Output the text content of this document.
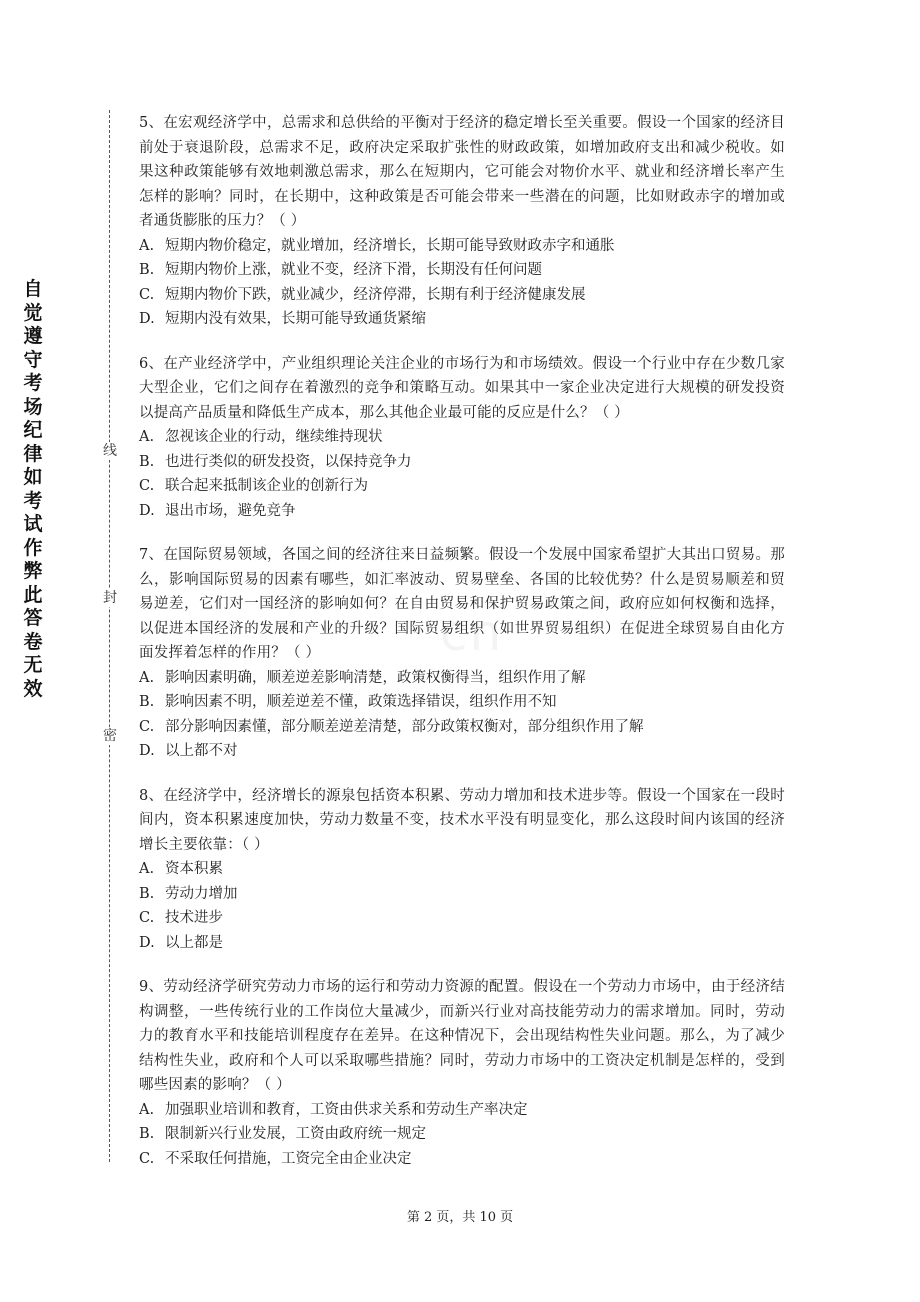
自
觉
遵
守
考
场
纪
律
如
考
试
作
弊
此
答
卷
无
效
线
封
密
cn

5、在宏观经济学中，总需求和总供给的平衡对于经济的稳定增长至关重要。假设一个国家的经济目前处于衰退阶段，总需求不足，政府决定采取扩张性的财政政策，如增加政府支出和减少税收。如果这种政策能够有效地刺激总需求，那么在短期内，它可能会对物价水平、就业和经济增长率产生怎样的影响？同时，在长期中，这种政策是否可能会带来一些潜在的问题，比如财政赤字的增加或者通货膨胀的压力？（ ）

A. 短期内物价稳定，就业增加，经济增长，长期可能导致财政赤字和通胀
B. 短期内物价上涨，就业不变，经济下滑，长期没有任何问题
C. 短期内物价下跌，就业减少，经济停滞，长期有利于经济健康发展
D. 短期内没有效果，长期可能导致通货紧缩

6、在产业经济学中，产业组织理论关注企业的市场行为和市场绩效。假设一个行业中存在少数几家大型企业，它们之间存在着激烈的竞争和策略互动。如果其中一家企业决定进行大规模的研发投资以提高产品质量和降低生产成本，那么其他企业最可能的反应是什么？（ ）

A. 忽视该企业的行动，继续维持现状
B. 也进行类似的研发投资，以保持竞争力
C. 联合起来抵制该企业的创新行为
D. 退出市场，避免竞争

7、在国际贸易领域，各国之间的经济往来日益频繁。假设一个发展中国家希望扩大其出口贸易。那么，影响国际贸易的因素有哪些，如汇率波动、贸易壁垒、各国的比较优势？什么是贸易顺差和贸易逆差，它们对一国经济的影响如何？在自由贸易和保护贸易政策之间，政府应如何权衡和选择，以促进本国经济的发展和产业的升级？国际贸易组织（如世界贸易组织）在促进全球贸易自由化方面发挥着怎样的作用？（ ）

A. 影响因素明确，顺差逆差影响清楚，政策权衡得当，组织作用了解
B. 影响因素不明，顺差逆差不懂，政策选择错误，组织作用不知
C. 部分影响因素懂，部分顺差逆差清楚，部分政策权衡对，部分组织作用了解
D. 以上都不对

8、在经济学中，经济增长的源泉包括资本积累、劳动力增加和技术进步等。假设一个国家在一段时间内，资本积累速度加快，劳动力数量不变，技术水平没有明显变化，那么这段时间内该国的经济增长主要依靠：（ ）

A. 资本积累
B. 劳动力增加
C. 技术进步
D. 以上都是

9、劳动经济学研究劳动力市场的运行和劳动力资源的配置。假设在一个劳动力市场中，由于经济结构调整，一些传统行业的工作岗位大量减少，而新兴行业对高技能劳动力的需求增加。同时，劳动力的教育水平和技能培训程度存在差异。在这种情况下，会出现结构性失业问题。那么，为了减少结构性失业，政府和个人可以采取哪些措施？同时，劳动力市场中的工资决定机制是怎样的，受到哪些因素的影响？（ ）

A. 加强职业培训和教育，工资由供求关系和劳动生产率决定
B. 限制新兴行业发展，工资由政府统一规定
C. 不采取任何措施，工资完全由企业决定
第 2 页，共 10 页
